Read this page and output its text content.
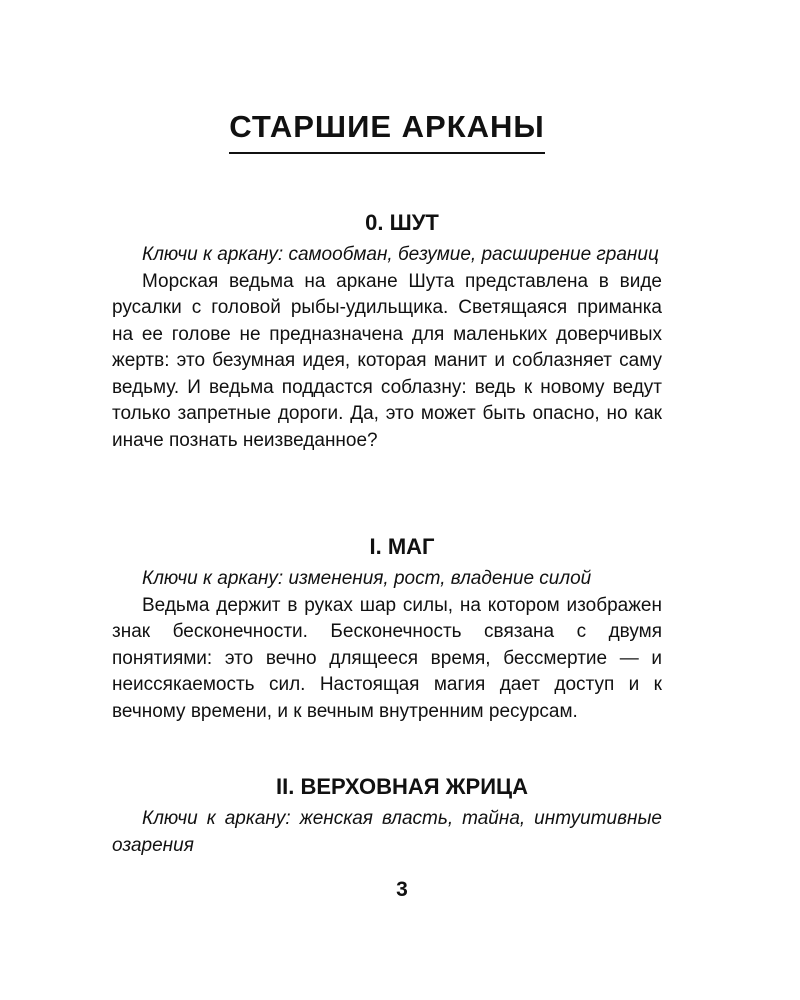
СТАРШИЕ АРКАНЫ
0. ШУТ

Ключи к аркану: самообман, безумие, расширение границ

Морская ведьма на аркане Шута представлена в виде русалки с головой рыбы-удильщика. Светящаяся приманка на ее голове не предназначена для маленьких доверчивых жертв: это безумная идея, которая манит и соблазняет саму ведьму. И ведьма поддастся соблазну: ведь к новому ведут только запретные дороги. Да, это может быть опасно, но как иначе познать неизведанное?

I. МАГ

Ключи к аркану: изменения, рост, владение силой

Ведьма держит в руках шар силы, на котором изображен знак бесконечности. Бесконечность связана с двумя понятиями: это вечно длящееся время, бессмертие — и неиссякаемость сил. Настоящая магия дает доступ и к вечному времени, и к вечным внутренним ресурсам.

II. ВЕРХОВНАЯ ЖРИЦА

Ключи к аркану: женская власть, тайна, интуитивные озарения

3
